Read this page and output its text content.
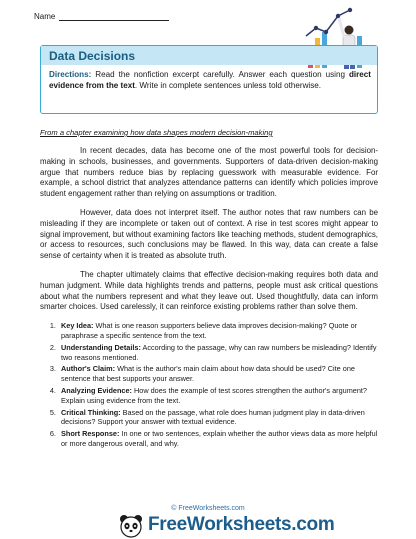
Name
Data Decisions
Directions: Read the nonfiction excerpt carefully. Answer each question using direct evidence from the text. Write in complete sentences unless told otherwise.

From a chapter examining how data shapes modern decision-making

In recent decades, data has become one of the most powerful tools for decision-making in schools, businesses, and governments. Supporters of data-driven decision-making argue that numbers reduce bias by replacing guesswork with measurable evidence. For example, a school district that analyzes attendance patterns can identify which policies improve student engagement rather than relying on assumptions or tradition.

However, data does not interpret itself. The author notes that raw numbers can be misleading if they are incomplete or taken out of context. A rise in test scores might appear to signal improvement, but without examining factors like teaching methods, student demographics, or access to resources, such conclusions may be flawed. In this way, data can create a false sense of certainty when it is treated as absolute truth.

The chapter ultimately claims that effective decision-making requires both data and human judgment. While data highlights trends and patterns, people must ask critical questions about what the numbers represent and what they leave out. Used thoughtfully, data can inform smarter choices. Used carelessly, it can reinforce existing problems rather than solve them.

1. Key Idea: What is one reason supporters believe data improves decision-making? Quote or paraphrase a specific sentence from the text.
2. Understanding Details: According to the passage, why can raw numbers be misleading? Identify two reasons mentioned.
3. Author's Claim: What is the author's main claim about how data should be used? Cite one sentence that best supports your answer.
4. Analyzing Evidence: How does the example of test scores strengthen the author's argument? Explain using evidence from the text.
5. Critical Thinking: Based on the passage, what role does human judgment play in data-driven decisions? Support your answer with textual evidence.
6. Short Response: In one or two sentences, explain whether the author views data as more helpful or more dangerous overall, and why.
© FreeWorksheets.com
FreeWorksheets.com
